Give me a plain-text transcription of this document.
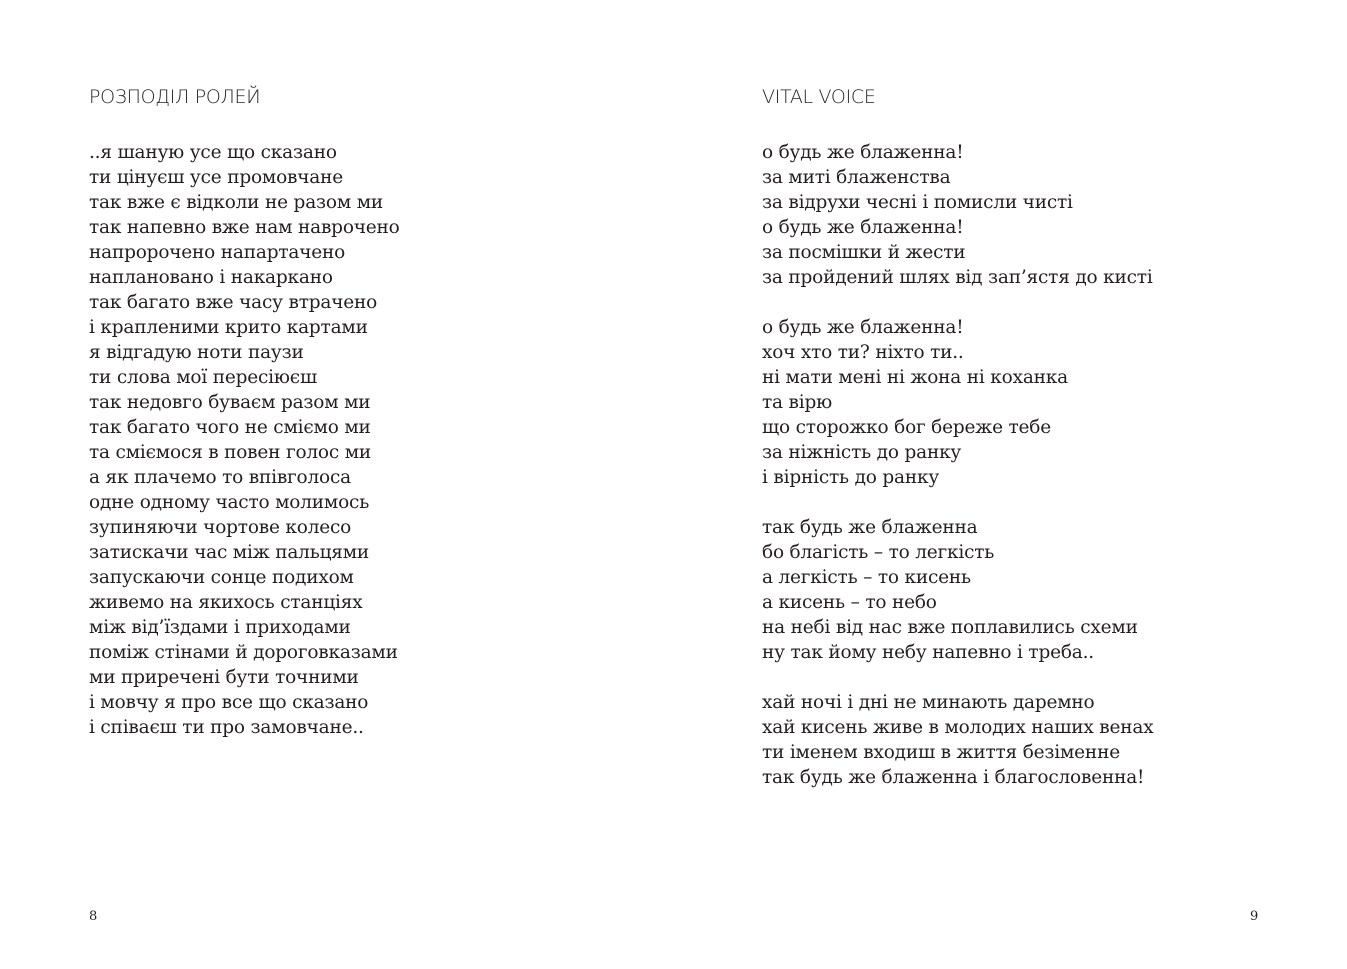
РОЗПОДІЛ РОЛЕЙ
..я шаную усе що сказано
ти цінуєш усе промовчане
так вже є відколи не разом ми
так напевно вже нам наврочено
напророчено напартачено
наплановано і накаркано
так багато вже часу втрачено
і крапленими крито картами
я відгадую ноти паузи
ти слова мої пересіюєш
так недовго буваєм разом ми
так багато чого не сміємо ми
та сміємося в повен голос ми
а як плачемо то впівголоса
одне одному часто молимось
зупиняючи чортове колесо
затискачи час між пальцями
запускаючи сонце подихом
живемо на якихось станціях
між від’їздами і приходами
поміж стінами й дороговказами
ми приречені бути точними
і мовчу я про все що сказано
і співаєш ти про замовчане..
8
VITAL VOICE
о будь же блаженна!
за миті блаженства
за відрухи чесні і помисли чисті
о будь же блаженна!
за посмішки й жести
за пройдений шлях від зап’ястя до кисті
о будь же блаженна!
хоч хто ти? ніхто ти..
ні мати мені ні жона ні коханка
та вірю
що сторожко бог береже тебе
за ніжність до ранку
і вірність до ранку
так будь же блаженна
бо благість – то легкість
а легкість – то кисень
а кисень – то небо
на небі від нас вже поплавились схеми
ну так йому небу напевно і треба..
хай ночі і дні не минають даремно
хай кисень живе в молодих наших венах
ти іменем входиш в життя безіменне
так будь же блаженна і благословенна!
9
